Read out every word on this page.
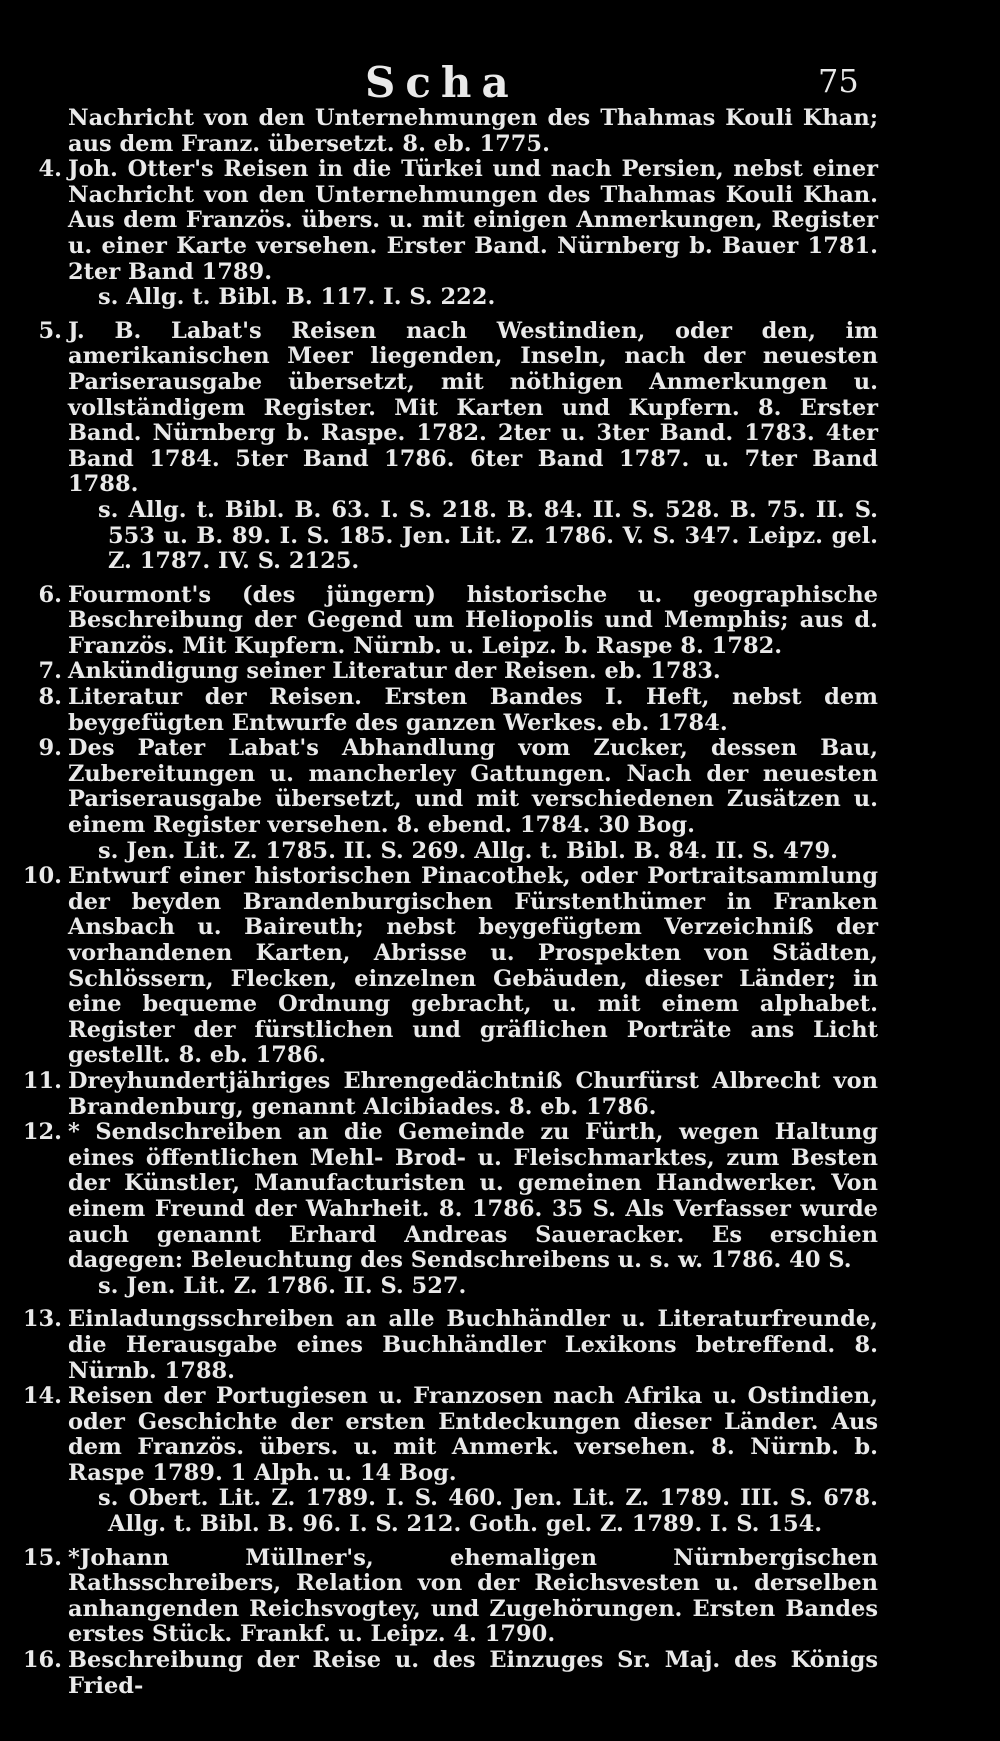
Scha	75
Nachricht von den Unternehmungen des Thahmas Kouli Khan; aus dem Franz. übersetzt. 8. eb. 1775.
4. Joh. Otter's Reisen in die Türkei und nach Persien, nebst einer Nachricht von den Unternehmungen des Thahmas Kouli Khan. Aus dem Französ. übers. u. mit einigen Anmerkungen, Register u. einer Karte versehen. Erster Band. Nürnberg b. Bauer 1781. 2ter Band 1789.
s. Allg. t. Bibl. B. 117. I. S. 222.
5. J. B. Labat's Reisen nach Westindien, oder den, im amerikanischen Meer liegenden, Inseln, nach der neuesten Pariserausgabe übersetzt, mit nöthigen Anmerkungen u. vollständigem Register. Mit Karten und Kupfern. 8. Erster Band. Nürnberg b. Raspe. 1782. 2ter u. 3ter Band. 1783. 4ter Band 1784. 5ter Band 1786. 6ter Band 1787. u. 7ter Band 1788.
s. Allg. t. Bibl. B. 63. I. S. 218. B. 84. II. S. 528. B. 75. II. S. 553 u. B. 89. I. S. 185. Jen. Lit. Z. 1786. V. S. 347. Leipz. gel. Z. 1787. IV. S. 2125.
6. Fourmont's (des jüngern) historische u. geographische Beschreibung der Gegend um Heliopolis und Memphis; aus d. Französ. Mit Kupfern. Nürnb. u. Leipz. b. Raspe 8. 1782.
7. Ankündigung seiner Literatur der Reisen. eb. 1783.
8. Literatur der Reisen. Ersten Bandes I. Heft, nebst dem beygefügten Entwurfe des ganzen Werkes. eb. 1784.
9. Des Pater Labat's Abhandlung vom Zucker, dessen Bau, Zubereitungen u. mancherley Gattungen. Nach der neuesten Pariserausgabe übersetzt, und mit verschiedenen Zusätzen u. einem Register versehen. 8. ebend. 1784. 30 Bog.
s. Jen. Lit. Z. 1785. II. S. 269. Allg. t. Bibl. B. 84. II. S. 479.
10. Entwurf einer historischen Pinacothek, oder Portraitsammlung der beyden Brandenburgischen Fürstenthümer in Franken Ansbach u. Baireuth; nebst beygefügtem Verzeichniß der vorhandenen Karten, Abrisse u. Prospekten von Städten, Schlössern, Flecken, einzelnen Gebäuden, dieser Länder; in eine bequeme Ordnung gebracht, u. mit einem alphabet. Register der fürstlichen und gräflichen Porträte ans Licht gestellt. 8. eb. 1786.
11. Dreyhundertjähriges Ehrengedächtniß Churfürst Albrecht von Brandenburg, genannt Alcibiades. 8. eb. 1786.
12. * Sendschreiben an die Gemeinde zu Fürth, wegen Haltung eines öffentlichen Mehl- Brod- u. Fleischmarktes, zum Besten der Künstler, Manufacturisten u. gemeinen Handwerker. Von einem Freund der Wahrheit. 8. 1786. 35 S. Als Verfasser wurde auch genannt Erhard Andreas Saueracker. Es erschien dagegen: Beleuchtung des Sendschreibens u. s. w. 1786. 40 S.
s. Jen. Lit. Z. 1786. II. S. 527.
13. Einladungsschreiben an alle Buchhändler u. Literaturfreunde, die Herausgabe eines Buchhändler Lexikons betreffend. 8. Nürnb. 1788.
14. Reisen der Portugiesen u. Franzosen nach Afrika u. Ostindien, oder Geschichte der ersten Entdeckungen dieser Länder. Aus dem Französ. übers. u. mit Anmerk. versehen. 8. Nürnb. b. Raspe 1789. 1 Alph. u. 14 Bog.
s. Obert. Lit. Z. 1789. I. S. 460. Jen. Lit. Z. 1789. III. S. 678. Allg. t. Bibl. B. 96. I. S. 212. Goth. gel. Z. 1789. I. S. 154.
15. *Johann Müllner's, ehemaligen Nürnbergischen Rathsschreibers, Relation von der Reichsvesten u. derselben anhangenden Reichsvogtey, und Zugehörungen. Ersten Bandes erstes Stück. Frankf. u. Leipz. 4. 1790.
16. Beschreibung der Reise u. des Einzuges Sr. Maj. des Königs Fried-
